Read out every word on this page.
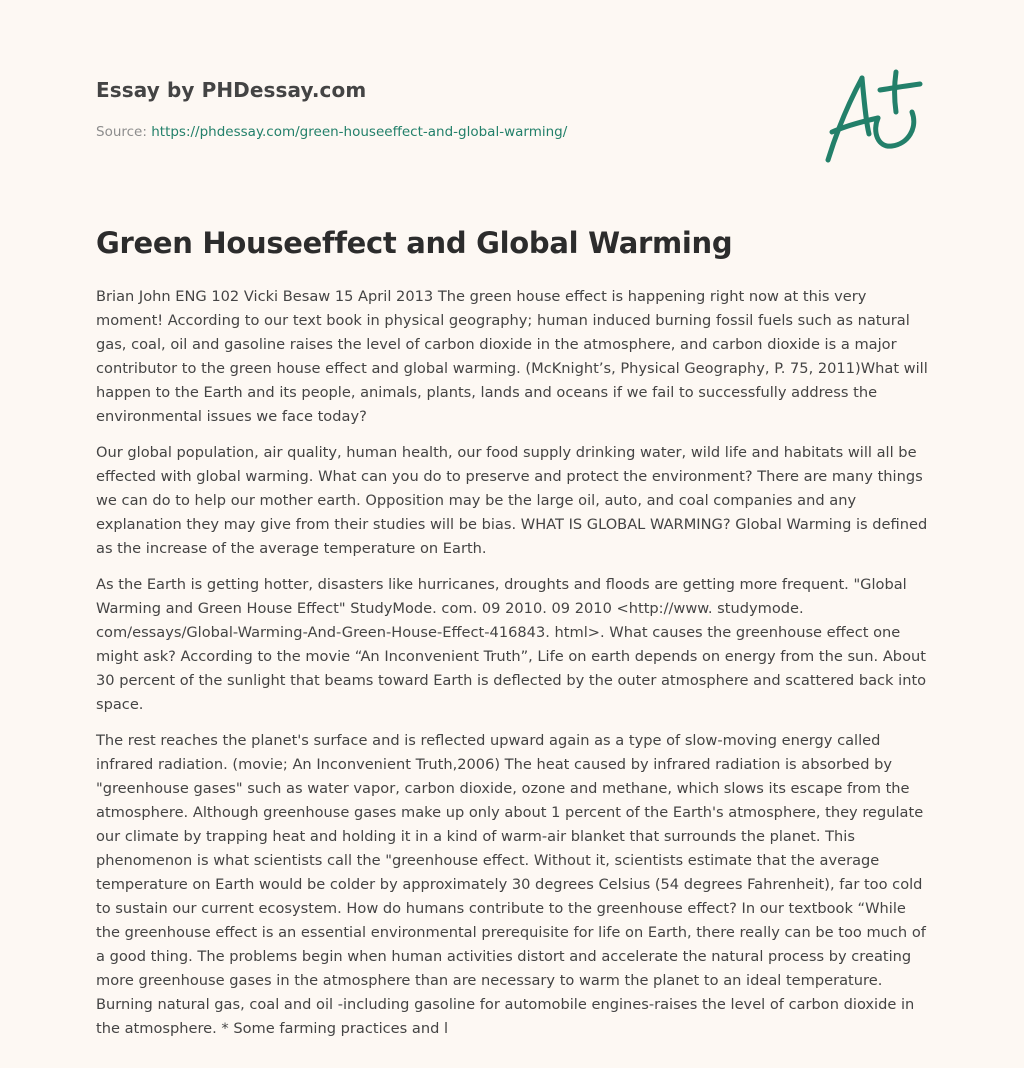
Essay by PHDessay.com
Source: https://phdessay.com/green-houseeffect-and-global-warming/
Green Houseeffect and Global Warming

Brian John ENG 102 Vicki Besaw 15 April 2013 The green house effect is happening right now at this very moment! According to our text book in physical geography; human induced burning fossil fuels such as natural gas, coal, oil and gasoline raises the level of carbon dioxide in the atmosphere, and carbon dioxide is a major contributor to the green house effect and global warming. (McKnight’s, Physical Geography, P. 75, 2011)What will happen to the Earth and its people, animals, plants, lands and oceans if we fail to successfully address the environmental issues we face today?

Our global population, air quality, human health, our food supply drinking water, wild life and habitats will all be effected with global warming. What can you do to preserve and protect the environment? There are many things we can do to help our mother earth. Opposition may be the large oil, auto, and coal companies and any explanation they may give from their studies will be bias. WHAT IS GLOBAL WARMING? Global Warming is defined as the increase of the average temperature on Earth.

As the Earth is getting hotter, disasters like hurricanes, droughts and floods are getting more frequent. "Global Warming and Green House Effect" StudyMode. com. 09 2010. 09 2010 <http://www. studymode. com/essays/Global-Warming-And-Green-House-Effect-416843. html>. What causes the greenhouse effect one might ask? According to the movie “An Inconvenient Truth”, Life on earth depends on energy from the sun. About 30 percent of the sunlight that beams toward Earth is deflected by the outer atmosphere and scattered back into space.

The rest reaches the planet's surface and is reflected upward again as a type of slow-moving energy called infrared radiation. (movie; An Inconvenient Truth,2006) The heat caused by infrared radiation is absorbed by "greenhouse gases" such as water vapor, carbon dioxide, ozone and methane, which slows its escape from the atmosphere. Although greenhouse gases make up only about 1 percent of the Earth's atmosphere, they regulate our climate by trapping heat and holding it in a kind of warm-air blanket that surrounds the planet. This phenomenon is what scientists call the "greenhouse effect. Without it, scientists estimate that the average temperature on Earth would be colder by approximately 30 degrees Celsius (54 degrees Fahrenheit), far too cold to sustain our current ecosystem. How do humans contribute to the greenhouse effect? In our textbook “While the greenhouse effect is an essential environmental prerequisite for life on Earth, there really can be too much of a good thing. The problems begin when human activities distort and accelerate the natural process by creating more greenhouse gases in the atmosphere than are necessary to warm the planet to an ideal temperature. Burning natural gas, coal and oil -including gasoline for automobile engines-raises the level of carbon dioxide in the atmosphere. * Some farming practices and l
